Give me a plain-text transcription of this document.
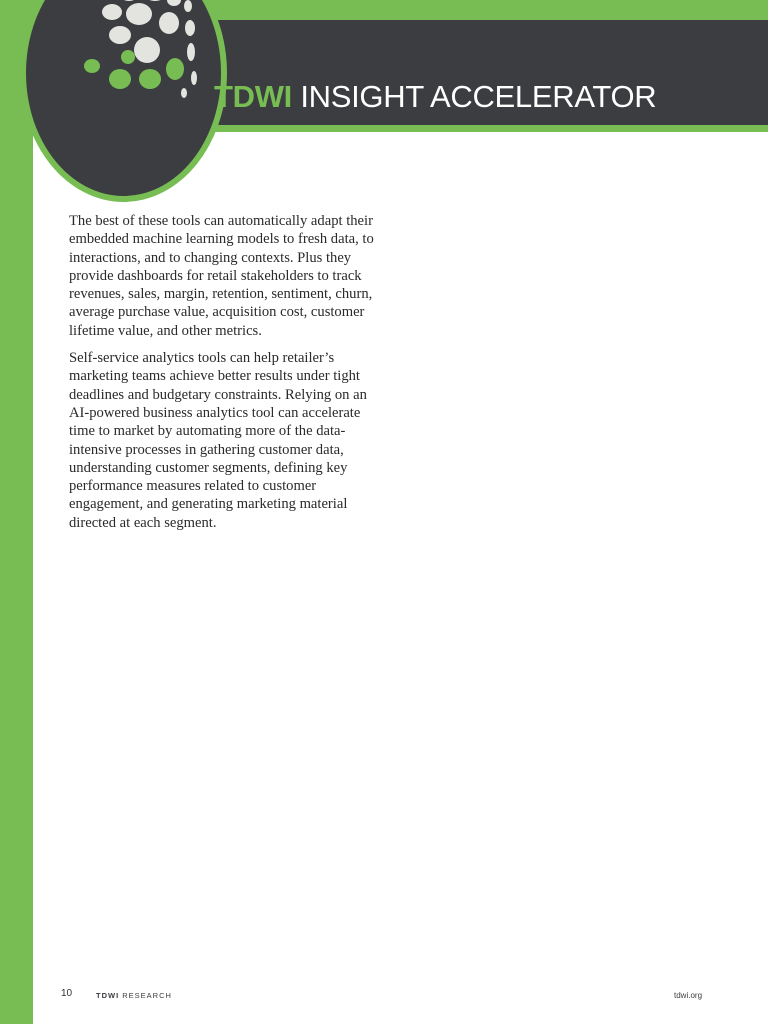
TDWI INSIGHT ACCELERATOR

The best of these tools can automatically adapt their embedded machine learning models to fresh data, to interactions, and to changing contexts. Plus they provide dashboards for retail stakeholders to track revenues, sales, margin, retention, sentiment, churn, average purchase value, acquisition cost, customer lifetime value, and other metrics.

Self-service analytics tools can help retailer’s marketing teams achieve better results under tight deadlines and budgetary constraints. Relying on an AI-powered business analytics tool can accelerate time to market by automating more of the data-intensive processes in gathering customer data, understanding customer segments, defining key performance measures related to customer engagement, and generating marketing material directed at each segment.

10	TDWI RESEARCH	tdwi.org
